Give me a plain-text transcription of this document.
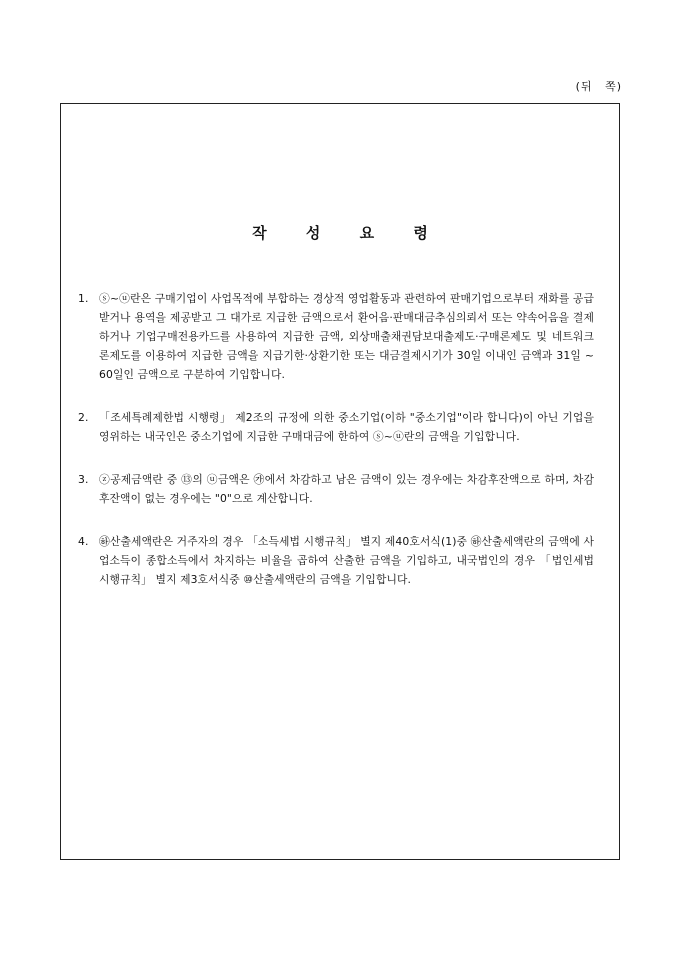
(뒤 쪽)
작	성	요	령
1. ⓢ~ⓤ란은 구매기업이 사업목적에 부합하는 경상적 영업활동과 관련하여 판매기업으로부터 재화를 공급받거나 용역을 제공받고 그 대가로 지급한 금액으로서 환어음·판매대금추심의뢰서 또는 약속어음을 결제하거나 기업구매전용카드를 사용하여 지급한 금액, 외상매출채권담보대출제도·구매론제도 및 네트워크론제도를 이용하여 지급한 금액을 지급기한·상환기한 또는 대금결제시기가 30일 이내인 금액과 31일 ~ 60일인 금액으로 구분하여 기입합니다.
2. 「조세특례제한법 시행령」 제2조의 규정에 의한 중소기업(이하 "중소기업"이라 합니다)이 아닌 기업을 영위하는 내국인은 중소기업에 지급한 구매대금에 한하여 ⓢ~ⓤ란의 금액을 기입합니다.
3. ⓩ공제금액란 중 ⑬의 ⓤ금액은 ㉮에서 차감하고 남은 금액이 있는 경우에는 차감후잔액으로 하며, 차감후잔액이 없는 경우에는 "0"으로 계산합니다.
4. ㉻산출세액란은 거주자의 경우 「소득세법 시행규칙」 별지 제40호서식(1)중 ㉻산출세액란의 금액에 사업소득이 종합소득에서 차지하는 비율을 곱하여 산출한 금액을 기입하고, 내국법인의 경우 「법인세법 시행규칙」 별지 제3호서식중 ⑩산출세액란의 금액을 기입합니다.
